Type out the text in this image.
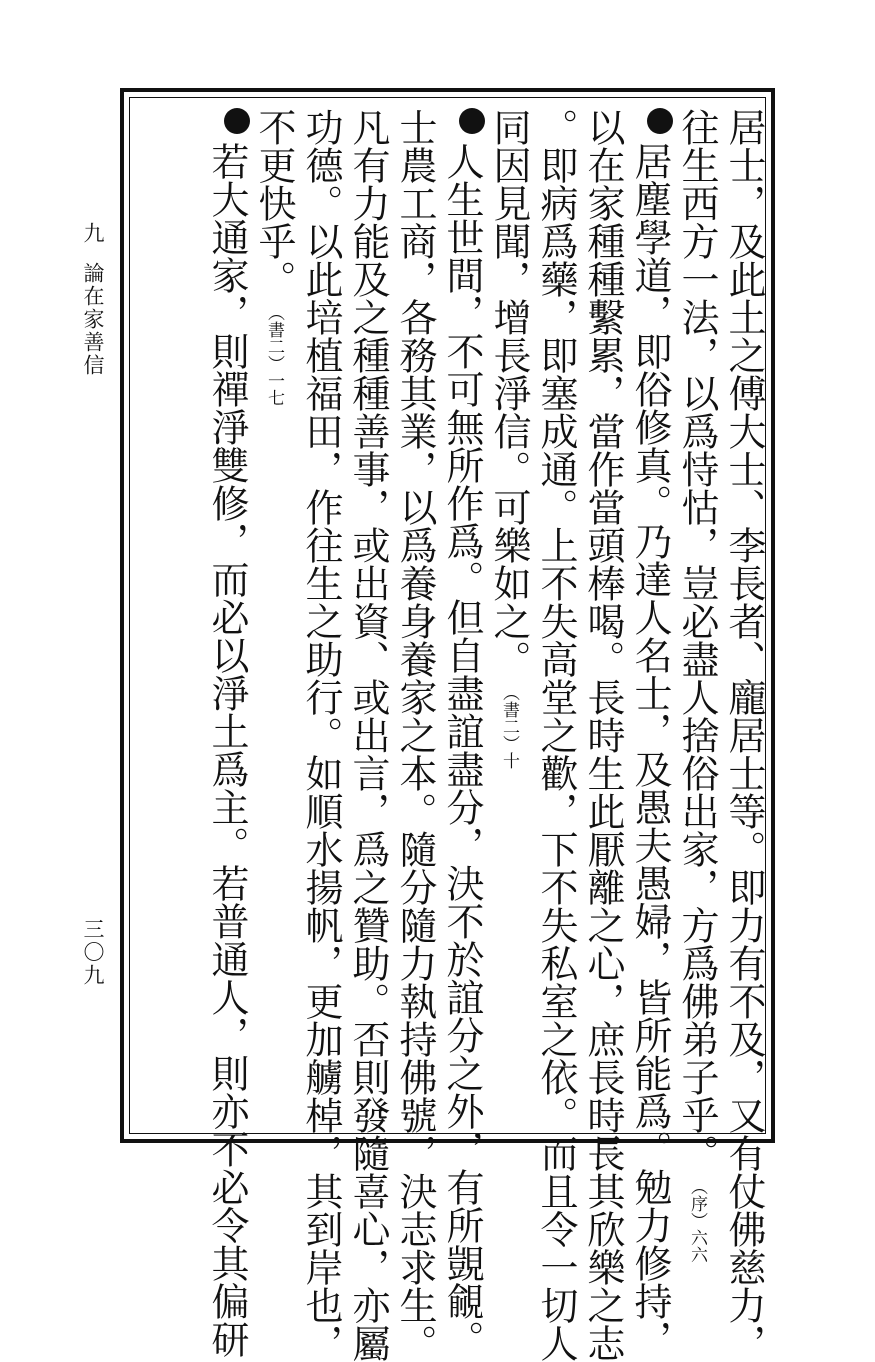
九
論在家善信
三〇九	居士，及此土之傅大士、李長者、龐居士等。即力有不及，又有仗佛慈力，
往生西方一法，以爲恃怙，豈必盡人捨俗出家，方爲佛弟子乎。（序）六六
居塵學道，即俗修真。乃達人名士，及愚夫愚婦，皆所能爲。勉力修持，
以在家種種繫累，當作當頭棒喝。長時生此厭離之心，庶長時長其欣樂之志
。即病爲藥，即塞成通。上不失高堂之歡，下不失私室之依。而且令一切人
同因見聞，增長淨信。可樂如之。（書二）十
人生世間，不可無所作爲。但自盡誼盡分，決不於誼分之外，有所覬覦。
士農工商，各務其業，以爲養身養家之本。隨分隨力執持佛號，決志求生。
凡有力能及之種種善事，或出資、或出言，爲之贊助。否則發隨喜心，亦屬
功德。以此培植福田，作往生之助行。如順水揚帆，更加艣棹，其到岸也，
不更快乎。（書二）一七
若大通家，則禪淨雙修，而必以淨土爲主。若普通人，則亦不必令其偏研
